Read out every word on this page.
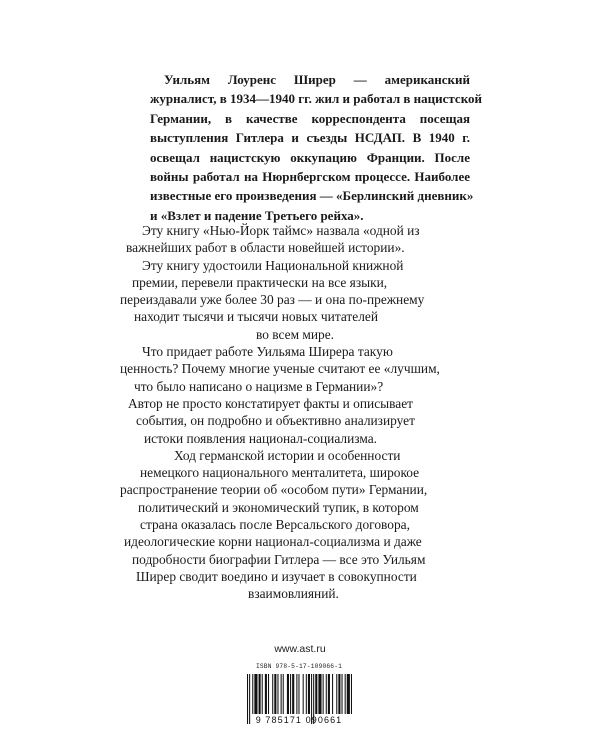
Уильям Лоуренс Ширер — американский
журналист, в 1934—1940 гг. жил и работал в нацистской
Германии, в качестве корреспондента посещая
выступления Гитлера и съезды НСДАП. В 1940 г.
освещал нацистскую оккупацию Франции. После
войны работал на Нюрнбергском процессе. Наиболее
известные его произведения — «Берлинский дневник»
и «Взлет и падение Третьего рейха».
Эту книгу «Нью-Йорк таймс» назвала «одной из
важнейших работ в области новейшей истории».
Эту книгу удостоили Национальной книжной
премии, перевели практически на все языки,
переиздавали уже более 30 раз — и она по-прежнему
находит тысячи и тысячи новых читателей
во всем мире.
Что придает работе Уильяма Ширера такую
ценность? Почему многие ученые считают ее «лучшим,
что было написано о нацизме в Германии»?
Автор не просто констатирует факты и описывает
события, он подробно и объективно анализирует
истоки появления национал-социализма.
Ход германской истории и особенности
немецкого национального менталитета, широкое
распространение теории об «особом пути» Германии,
политический и экономический тупик, в котором
страна оказалась после Версальского договора,
идеологические корни национал-социализма и даже
подробности биографии Гитлера — все это Уильям
Ширер сводит воедино и изучает в совокупности
взаимовлияний.
www.ast.ru
ISBN 978-5-17-109066-1
9 785171 090661
